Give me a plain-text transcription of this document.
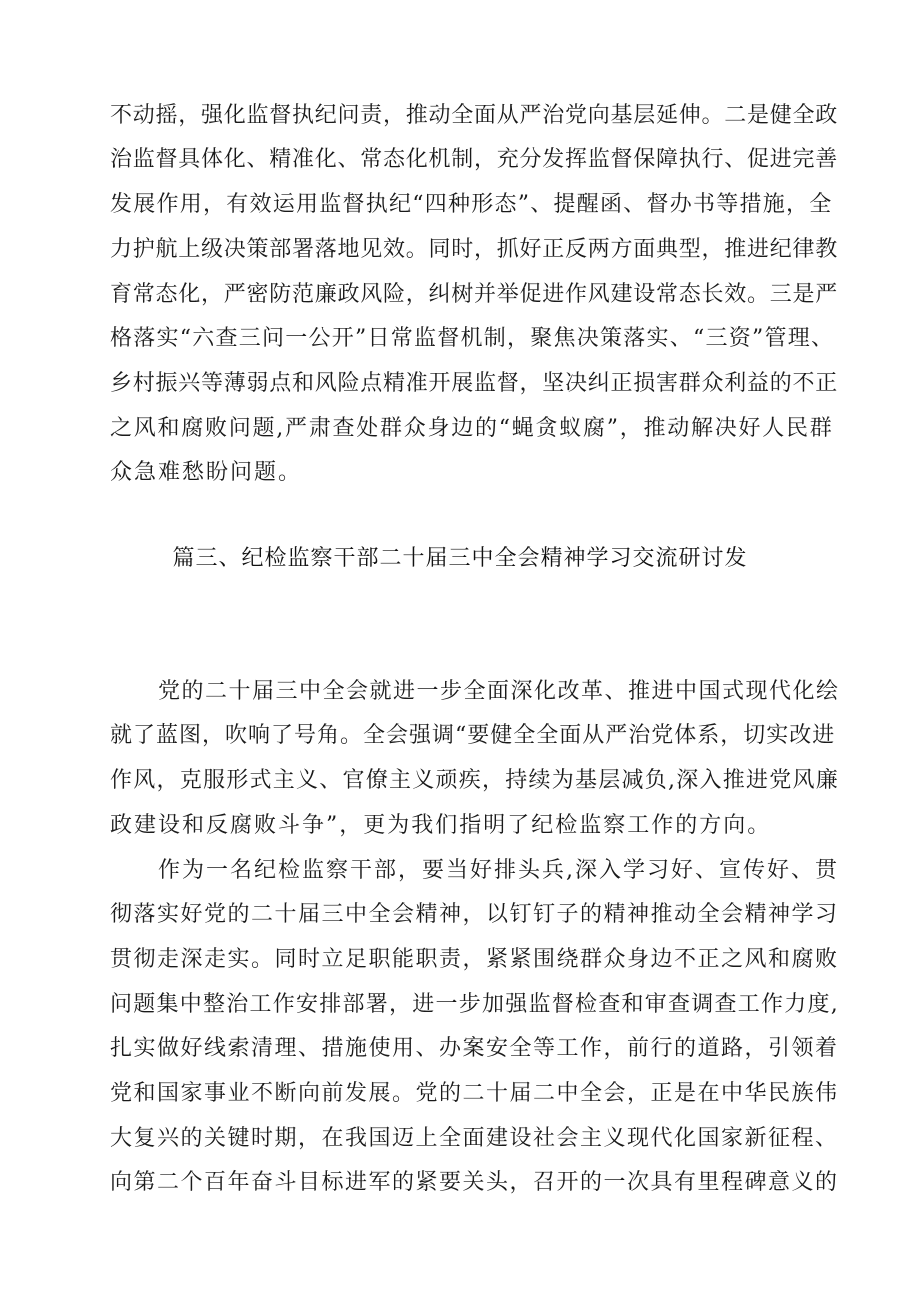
不动摇，强化监督执纪问责，推动全面从严治党向基层延伸。二是健全政
治监督具体化、精准化、常态化机制，充分发挥监督保障执行、促进完善
发展作用，有效运用监督执纪“四种形态”、提醒函、督办书等措施，全
力护航上级决策部署落地见效。同时，抓好正反两方面典型，推进纪律教
育常态化，严密防范廉政风险，纠树并举促进作风建设常态长效。三是严
格落实“六查三问一公开”日常监督机制，聚焦决策落实、“三资”管理、
乡村振兴等薄弱点和风险点精准开展监督，坚决纠正损害群众利益的不正
之风和腐败问题,严肃查处群众身边的“蝇贪蚁腐”，推动解决好人民群
众急难愁盼问题。
篇三、纪检监察干部二十届三中全会精神学习交流研讨发
党的二十届三中全会就进一步全面深化改革、推进中国式现代化绘
就了蓝图，吹响了号角。全会强调“要健全全面从严治党体系，切实改进
作风，克服形式主义、官僚主义顽疾，持续为基层减负,深入推进党风廉
政建设和反腐败斗争”，更为我们指明了纪检监察工作的方向。
作为一名纪检监察干部，要当好排头兵,深入学习好、宣传好、贯
彻落实好党的二十届三中全会精神，以钉钉子的精神推动全会精神学习
贯彻走深走实。同时立足职能职责，紧紧围绕群众身边不正之风和腐败
问题集中整治工作安排部署，进一步加强监督检查和审查调查工作力度,
扎实做好线索清理、措施使用、办案安全等工作，前行的道路，引领着
党和国家事业不断向前发展。党的二十届二中全会，正是在中华民族伟
大复兴的关键时期，在我国迈上全面建设社会主义现代化国家新征程、
向第二个百年奋斗目标进军的紧要关头，召开的一次具有里程碑意义的
